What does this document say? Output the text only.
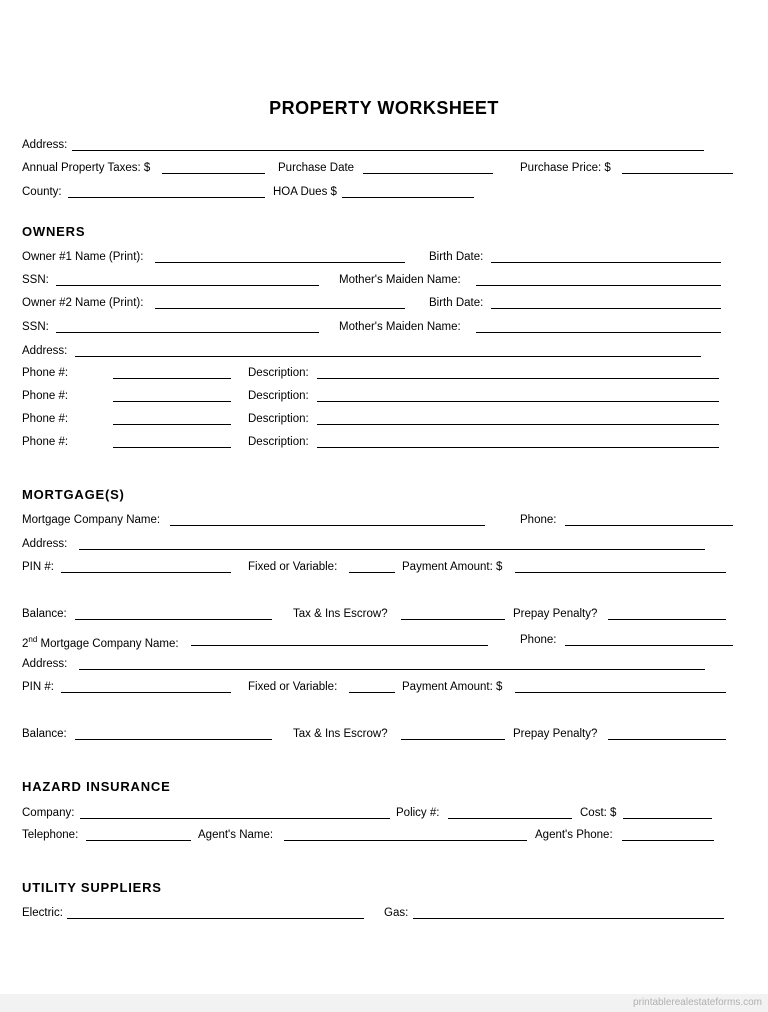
PROPERTY WORKSHEET
Address:
Annual Property Taxes: $	Purchase Date	Purchase Price: $
County:	HOA Dues $
OWNERS
Owner #1 Name (Print):	Birth Date:
SSN:	Mother's Maiden Name:
Owner #2 Name (Print):	Birth Date:
SSN:	Mother's Maiden Name:
Address:
Phone #:	Description:
Phone #:	Description:
Phone #:	Description:
Phone #:	Description:
MORTGAGE(S)
Mortgage Company Name:	Phone:
Address:
PIN #:	Fixed or Variable:	Payment Amount: $
Balance:	Tax & Ins Escrow?	Prepay Penalty?
2nd Mortgage Company Name:	Phone:
Address:
PIN #:	Fixed or Variable:	Payment Amount: $
Balance:	Tax & Ins Escrow?	Prepay Penalty?
HAZARD INSURANCE
Company:	Policy #:	Cost: $
Telephone:	Agent's Name:	Agent's Phone:
UTILITY SUPPLIERS
Electric:	Gas:
printablerealestateforms.com
